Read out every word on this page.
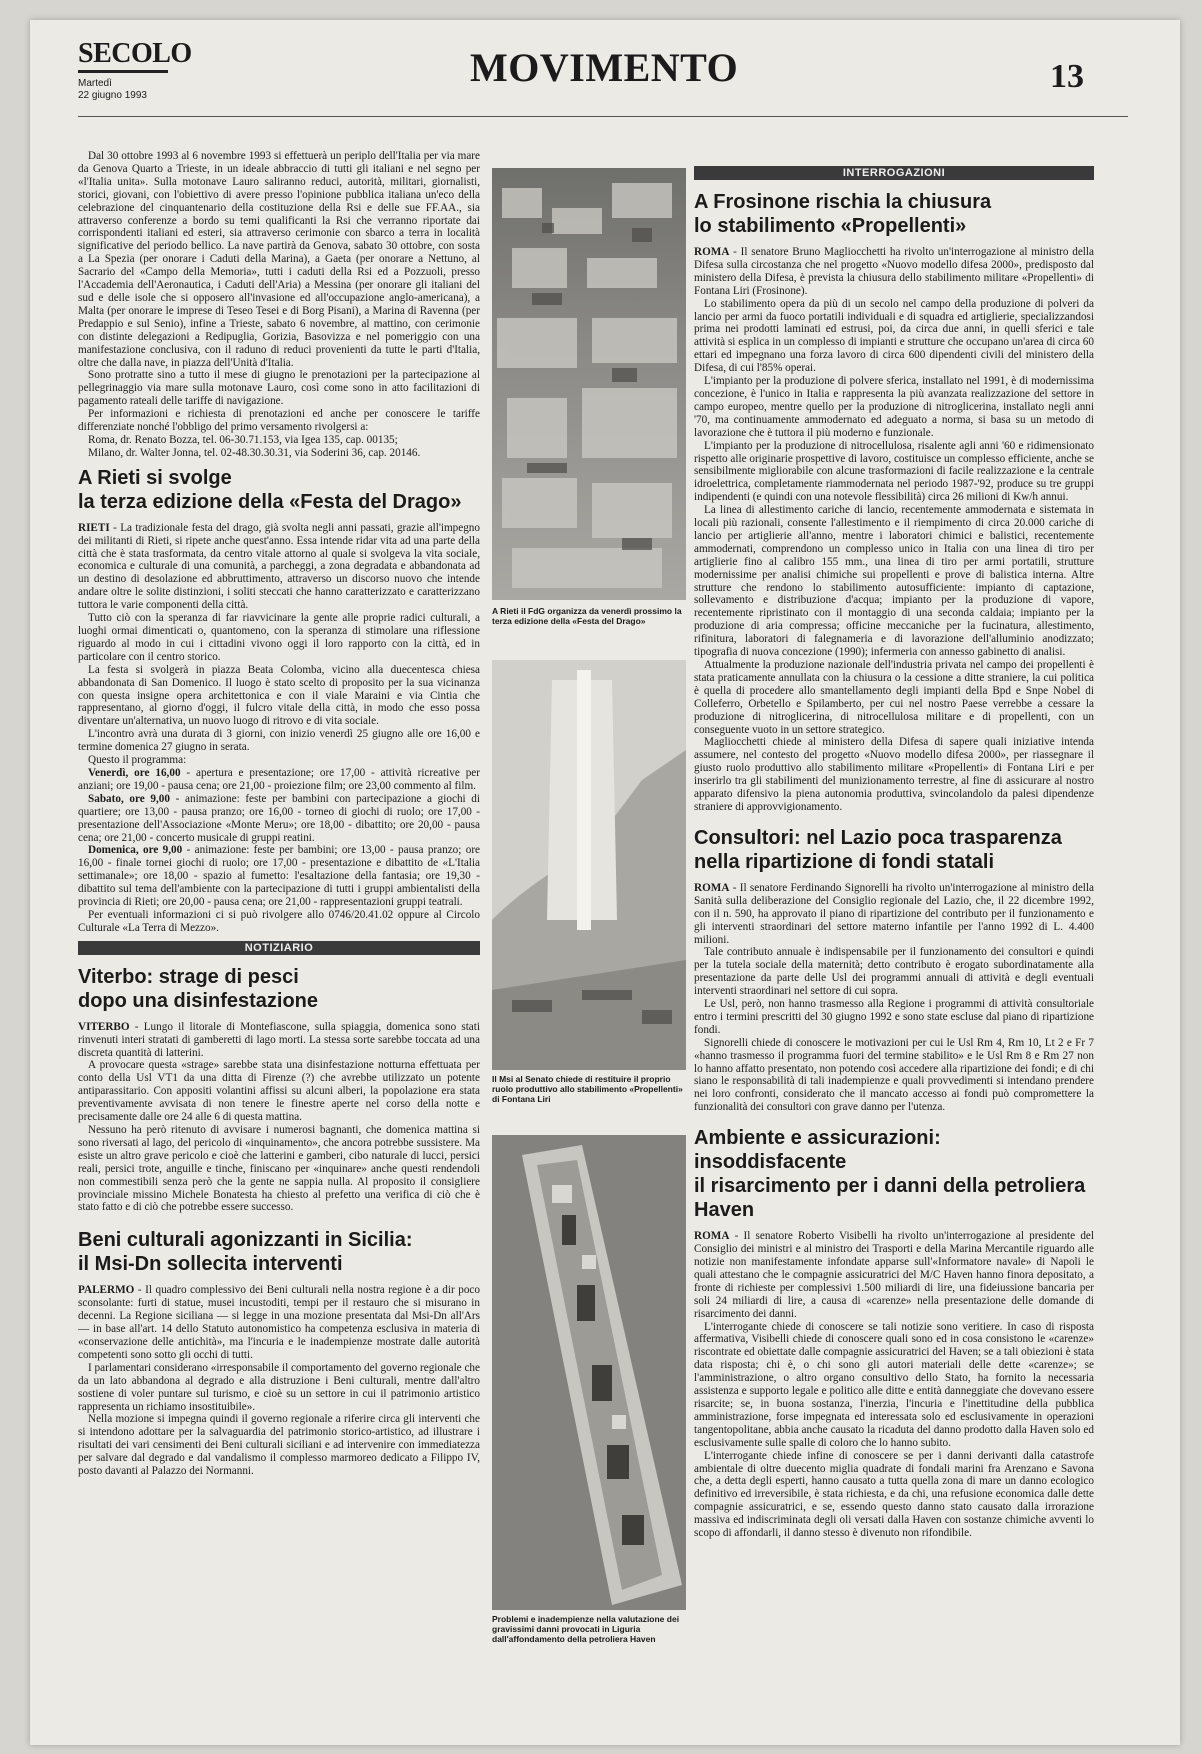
SECOLO
Martedì
22 giugno 1993
MOVIMENTO	13

Dal 30 ottobre 1993 al 6 novembre 1993 si effettuerà un periplo dell'Italia per via mare da Genova Quarto a Trieste, in un ideale abbraccio di tutti gli italiani e nel segno per «l'Italia unita». Sulla motonave Lauro saliranno reduci, autorità, militari, giornalisti, storici, giovani, con l'obiettivo di avere presso l'opinione pubblica italiana un'eco della celebrazione del cinquantenario della costituzione della Rsi e delle sue FF.AA., sia attraverso conferenze a bordo su temi qualificanti la Rsi che verranno riportate dai corrispondenti italiani ed esteri, sia attraverso cerimonie con sbarco a terra in località significative del periodo bellico. La nave partirà da Genova, sabato 30 ottobre, con sosta a La Spezia (per onorare i Caduti della Marina), a Gaeta (per onorare a Nettuno, al Sacrario del «Campo della Memoria», tutti i caduti della Rsi ed a Pozzuoli, presso l'Accademia dell'Aeronautica, i Caduti dell'Aria) a Messina (per onorare gli italiani del sud e delle isole che si opposero all'invasione ed all'occupazione anglo-americana), a Malta (per onorare le imprese di Teseo Tesei e di Borg Pisani), a Marina di Ravenna (per Predappio e sul Senio), infine a Trieste, sabato 6 novembre, al mattino, con cerimonie con distinte delegazioni a Redipuglia, Gorizia, Basovizza e nel pomeriggio con una manifestazione conclusiva, con il raduno di reduci provenienti da tutte le parti d'Italia, oltre che dalla nave, in piazza dell'Unità d'Italia.

Sono protratte sino a tutto il mese di giugno le prenotazioni per la partecipazione al pellegrinaggio via mare sulla motonave Lauro, così come sono in atto facilitazioni di pagamento rateali delle tariffe di navigazione.

Per informazioni e richiesta di prenotazioni ed anche per conoscere le tariffe differenziate nonché l'obbligo del primo versamento rivolgersi a:

Roma, dr. Renato Bozza, tel. 06-30.71.153, via Igea 135, cap. 00135;

Milano, dr. Walter Jonna, tel. 02-48.30.30.31, via Soderini 36, cap. 20146.

A Rieti si svolge
la terza edizione della «Festa del Drago»

RIETI - La tradizionale festa del drago, già svolta negli anni passati, grazie all'impegno dei militanti di Rieti, si ripete anche quest'anno. Essa intende ridar vita ad una parte della città che è stata trasformata, da centro vitale attorno al quale si svolgeva la vita sociale, economica e culturale di una comunità, a parcheggi, a zona degradata e abbandonata ad un destino di desolazione ed abbruttimento, attraverso un discorso nuovo che intende andare oltre le solite distinzioni, i soliti steccati che hanno caratterizzato e caratterizzano tuttora le varie componenti della città.

Tutto ciò con la speranza di far riavvicinare la gente alle proprie radici culturali, a luoghi ormai dimenticati o, quantomeno, con la speranza di stimolare una riflessione riguardo al modo in cui i cittadini vivono oggi il loro rapporto con la città, ed in particolare con il centro storico.

La festa si svolgerà in piazza Beata Colomba, vicino alla duecentesca chiesa abbandonata di San Domenico. Il luogo è stato scelto di proposito per la sua vicinanza con questa insigne opera architettonica e con il viale Maraini e via Cintia che rappresentano, al giorno d'oggi, il fulcro vitale della città, in modo che esso possa diventare un'alternativa, un nuovo luogo di ritrovo e di vita sociale.

L'incontro avrà una durata di 3 giorni, con inizio venerdì 25 giugno alle ore 16,00 e termine domenica 27 giugno in serata.

Questo il programma:

Venerdì, ore 16,00 - apertura e presentazione; ore 17,00 - attività ricreative per anziani; ore 19,00 - pausa cena; ore 21,00 - proiezione film; ore 23,00 commento al film.

Sabato, ore 9,00 - animazione: feste per bambini con partecipazione a giochi di quartiere; ore 13,00 - pausa pranzo; ore 16,00 - torneo di giochi di ruolo; ore 17,00 - presentazione dell'Associazione «Monte Meru»; ore 18,00 - dibattito; ore 20,00 - pausa cena; ore 21,00 - concerto musicale di gruppi reatini.

Domenica, ore 9,00 - animazione: feste per bambini; ore 13,00 - pausa pranzo; ore 16,00 - finale tornei giochi di ruolo; ore 17,00 - presentazione e dibattito de «L'Italia settimanale»; ore 18,00 - spazio al fumetto: l'esaltazione della fantasia; ore 19,30 - dibattito sul tema dell'ambiente con la partecipazione di tutti i gruppi ambientalisti della provincia di Rieti; ore 20,00 - pausa cena; ore 21,00 - rappresentazioni gruppi teatrali.

Per eventuali informazioni ci si può rivolgere allo 0746/20.41.02 oppure al Circolo Culturale «La Terra di Mezzo».

NOTIZIARIO
Viterbo: strage di pesci
dopo una disinfestazione

VITERBO - Lungo il litorale di Montefiascone, sulla spiaggia, domenica sono stati rinvenuti interi stratati di gamberetti di lago morti. La stessa sorte sarebbe toccata ad una discreta quantità di latterini.

A provocare questa «strage» sarebbe stata una disinfestazione notturna effettuata per conto della Usl VT1 da una ditta di Firenze (?) che avrebbe utilizzato un potente antiparassitario. Con appositi volantini affissi su alcuni alberi, la popolazione era stata preventivamente avvisata di non tenere le finestre aperte nel corso della notte e precisamente dalle ore 24 alle 6 di questa mattina.

Nessuno ha però ritenuto di avvisare i numerosi bagnanti, che domenica mattina si sono riversati al lago, del pericolo di «inquinamento», che ancora potrebbe sussistere. Ma esiste un altro grave pericolo e cioè che latterini e gamberi, cibo naturale di lucci, persici reali, persici trote, anguille e tinche, finiscano per «inquinare» anche questi rendendoli non commestibili senza però che la gente ne sappia nulla. Al proposito il consigliere provinciale missino Michele Bonatesta ha chiesto al prefetto una verifica di ciò che è stato fatto e di ciò che potrebbe essere successo.

Beni culturali agonizzanti in Sicilia:
il Msi-Dn sollecita interventi

PALERMO - Il quadro complessivo dei Beni culturali nella nostra regione è a dir poco sconsolante: furti di statue, musei incustoditi, tempi per il restauro che si misurano in decenni. La Regione siciliana — si legge in una mozione presentata dal Msi-Dn all'Ars — in base all'art. 14 dello Statuto autonomistico ha competenza esclusiva in materia di «conservazione delle antichità», ma l'incuria e le inadempienze mostrate dalle autorità competenti sono sotto gli occhi di tutti.

I parlamentari considerano «irresponsabile il comportamento del governo regionale che da un lato abbandona al degrado e alla distruzione i Beni culturali, mentre dall'altro sostiene di voler puntare sul turismo, e cioè su un settore in cui il patrimonio artistico rappresenta un richiamo insostituibile».

Nella mozione si impegna quindi il governo regionale a riferire circa gli interventi che si intendono adottare per la salvaguardia del patrimonio storico-artistico, ad illustrare i risultati dei vari censimenti dei Beni culturali siciliani e ad intervenire con immediatezza per salvare dal degrado e dal vandalismo il complesso marmoreo dedicato a Filippo IV, posto davanti al Palazzo dei Normanni.

A Rieti il FdG organizza da venerdì prossimo la terza edizione della «Festa del Drago»

Il Msi al Senato chiede di restituire il proprio ruolo produttivo allo stabilimento «Propellenti» di Fontana Liri

Problemi e inadempienze nella valutazione dei gravissimi danni provocati in Liguria dall'affondamento della petroliera Haven

INTERROGAZIONI
A Frosinone rischia la chiusura
lo stabilimento «Propellenti»

ROMA - Il senatore Bruno Magliocchetti ha rivolto un'interrogazione al ministro della Difesa sulla circostanza che nel progetto «Nuovo modello difesa 2000», predisposto dal ministero della Difesa, è prevista la chiusura dello stabilimento militare «Propellenti» di Fontana Liri (Frosinone).

Lo stabilimento opera da più di un secolo nel campo della produzione di polveri da lancio per armi da fuoco portatili individuali e di squadra ed artiglierie, specializzandosi prima nei prodotti laminati ed estrusi, poi, da circa due anni, in quelli sferici e tale attività si esplica in un complesso di impianti e strutture che occupano un'area di circa 60 ettari ed impegnano una forza lavoro di circa 600 dipendenti civili del ministero della Difesa, di cui l'85% operai.

L'impianto per la produzione di polvere sferica, installato nel 1991, è di modernissima concezione, è l'unico in Italia e rappresenta la più avanzata realizzazione del settore in campo europeo, mentre quello per la produzione di nitroglicerina, installato negli anni '70, ma continuamente ammodernato ed adeguato a norma, si basa su un metodo di lavorazione che è tuttora il più moderno e funzionale.

L'impianto per la produzione di nitrocellulosa, risalente agli anni '60 e ridimensionato rispetto alle originarie prospettive di lavoro, costituisce un complesso efficiente, anche se sensibilmente migliorabile con alcune trasformazioni di facile realizzazione e la centrale idroelettrica, completamente riammodernata nel periodo 1987-'92, produce su tre gruppi indipendenti (e quindi con una notevole flessibilità) circa 26 milioni di Kw/h annui.

La linea di allestimento cariche di lancio, recentemente ammodernata e sistemata in locali più razionali, consente l'allestimento e il riempimento di circa 20.000 cariche di lancio per artiglierie all'anno, mentre i laboratori chimici e balistici, recentemente ammodernati, comprendono un complesso unico in Italia con una linea di tiro per artiglierie fino al calibro 155 mm., una linea di tiro per armi portatili, strutture modernissime per analisi chimiche sui propellenti e prove di balistica interna. Altre strutture che rendono lo stabilimento autosufficiente: impianto di captazione, sollevamento e distribuzione d'acqua; impianto per la produzione di vapore, recentemente ripristinato con il montaggio di una seconda caldaia; impianto per la produzione di aria compressa; officine meccaniche per la fucinatura, allestimento, rifinitura, laboratori di falegnameria e di lavorazione dell'alluminio anodizzato; tipografia di nuova concezione (1990); infermeria con annesso gabinetto di analisi.

Attualmente la produzione nazionale dell'industria privata nel campo dei propellenti è stata praticamente annullata con la chiusura o la cessione a ditte straniere, la cui politica è quella di procedere allo smantellamento degli impianti della Bpd e Snpe Nobel di Colleferro, Orbetello e Spilamberto, per cui nel nostro Paese verrebbe a cessare la produzione di nitroglicerina, di nitrocellulosa militare e di propellenti, con un conseguente vuoto in un settore strategico.

Magliocchetti chiede al ministero della Difesa di sapere quali iniziative intenda assumere, nel contesto del progetto «Nuovo modello difesa 2000», per riassegnare il giusto ruolo produttivo allo stabilimento militare «Propellenti» di Fontana Liri e per inserirlo tra gli stabilimenti del munizionamento terrestre, al fine di assicurare al nostro apparato difensivo la piena autonomia produttiva, svincolandolo da palesi dipendenze straniere di approvvigionamento.

Consultori: nel Lazio poca trasparenza
nella ripartizione di fondi statali

ROMA - Il senatore Ferdinando Signorelli ha rivolto un'interrogazione al ministro della Sanità sulla deliberazione del Consiglio regionale del Lazio, che, il 22 dicembre 1992, con il n. 590, ha approvato il piano di ripartizione del contributo per il funzionamento e gli interventi straordinari del settore materno infantile per l'anno 1992 di L. 4.400 milioni.

Tale contributo annuale è indispensabile per il funzionamento dei consultori e quindi per la tutela sociale della maternità; detto contributo è erogato subordinatamente alla presentazione da parte delle Usl dei programmi annuali di attività e degli eventuali interventi straordinari nel settore di cui sopra.

Le Usl, però, non hanno trasmesso alla Regione i programmi di attività consultoriale entro i termini prescritti del 30 giugno 1992 e sono state escluse dal piano di ripartizione fondi.

Signorelli chiede di conoscere le motivazioni per cui le Usl Rm 4, Rm 10, Lt 2 e Fr 7 «hanno trasmesso il programma fuori del termine stabilito» e le Usl Rm 8 e Rm 27 non lo hanno affatto presentato, non potendo così accedere alla ripartizione dei fondi; e di chi siano le responsabilità di tali inadempienze e quali provvedimenti si intendano prendere nei loro confronti, considerato che il mancato accesso ai fondi può compromettere la funzionalità dei consultori con grave danno per l'utenza.

Ambiente e assicurazioni: insoddisfacente
il risarcimento per i danni della petroliera Haven

ROMA - Il senatore Roberto Visibelli ha rivolto un'interrogazione al presidente del Consiglio dei ministri e al ministro dei Trasporti e della Marina Mercantile riguardo alle notizie non manifestamente infondate apparse sull'«Informatore navale» di Napoli le quali attestano che le compagnie assicuratrici del M/C Haven hanno finora depositato, a fronte di richieste per complessivi 1.500 miliardi di lire, una fideiussione bancaria per soli 24 miliardi di lire, a causa di «carenze» nella presentazione delle domande di risarcimento dei danni.

L'interrogante chiede di conoscere se tali notizie sono veritiere. In caso di risposta affermativa, Visibelli chiede di conoscere quali sono ed in cosa consistono le «carenze» riscontrate ed obiettate dalle compagnie assicuratrici del Haven; se a tali obiezioni è stata data risposta; chi è, o chi sono gli autori materiali delle dette «carenze»; se l'amministrazione, o altro organo consultivo dello Stato, ha fornito la necessaria assistenza e supporto legale e politico alle ditte e entità danneggiate che dovevano essere risarcite; se, in buona sostanza, l'inerzia, l'incuria e l'inettitudine della pubblica amministrazione, forse impegnata ed interessata solo ed esclusivamente in operazioni tangentopolitane, abbia anche causato la ricaduta del danno prodotto dalla Haven solo ed esclusivamente sulle spalle di coloro che lo hanno subito.

L'interrogante chiede infine di conoscere se per i danni derivanti dalla catastrofe ambientale di oltre duecento miglia quadrate di fondali marini fra Arenzano e Savona che, a detta degli esperti, hanno causato a tutta quella zona di mare un danno ecologico definitivo ed irreversibile, è stata richiesta, e da chi, una refusione economica dalle dette compagnie assicuratrici, e se, essendo questo danno stato causato dalla irrorazione massiva ed indiscriminata degli oli versati dalla Haven con sostanze chimiche avventi lo scopo di affondarli, il danno stesso è divenuto non rifondibile.
